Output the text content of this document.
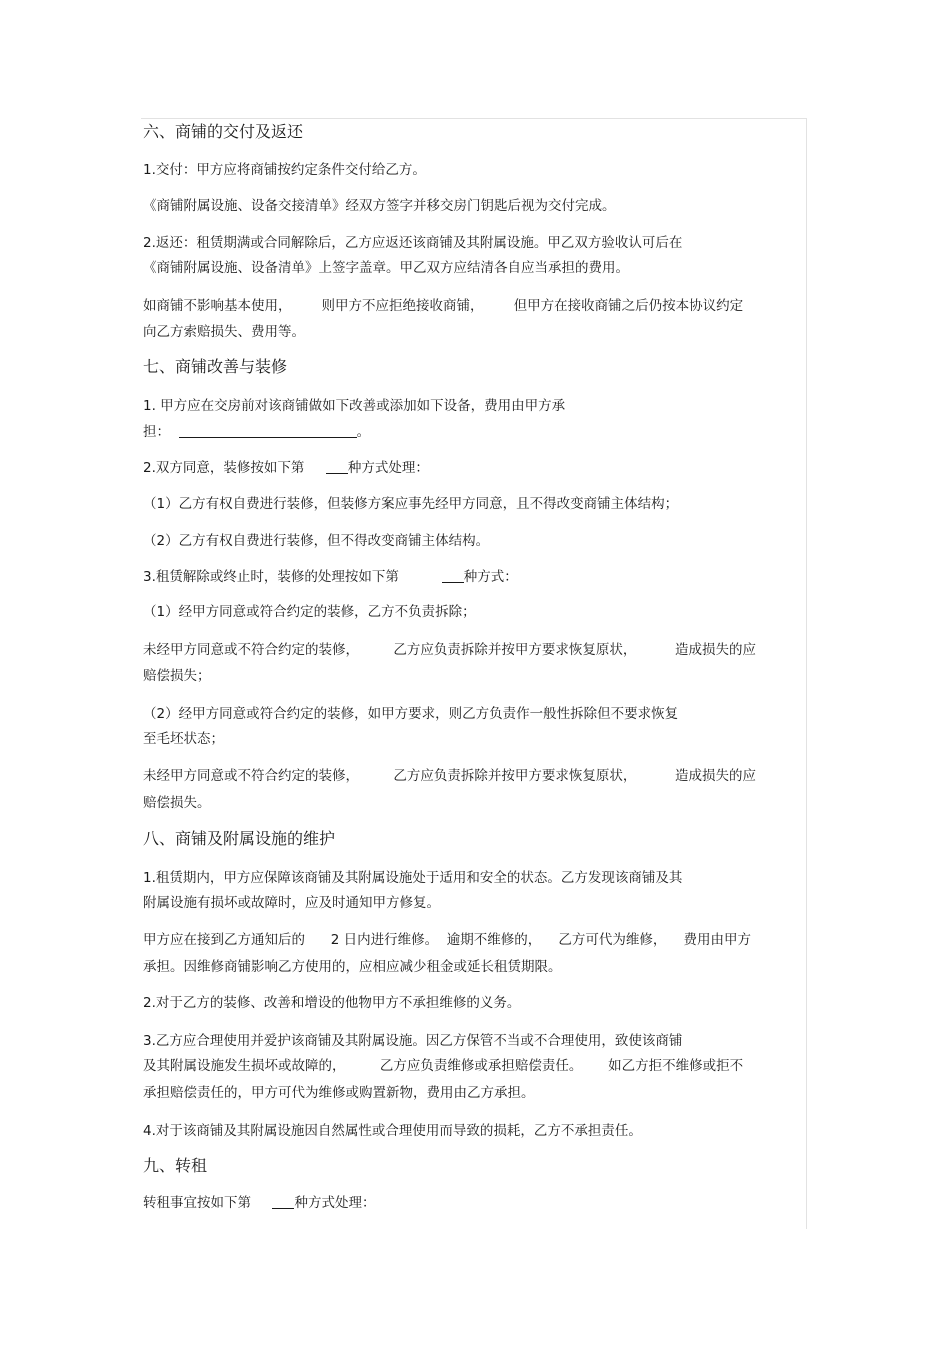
六、商铺的交付及返还
1.交付：甲方应将商铺按约定条件交付给乙方。
《商铺附属设施、设备交接清单》经双方签字并移交房门钥匙后视为交付完成。
2.返还：租赁期满或合同解除后，乙方应返还该商铺及其附属设施。甲乙双方验收认可后在
《商铺附属设施、设备清单》上签字盖章。甲乙双方应结清各自应当承担的费用。
如商铺不影响基本使用，       则甲方不应拒绝接收商铺，       但甲方在接收商铺之后仍按本协议约定
向乙方索赔损失、费用等。
七、商铺改善与装修
1. 甲方应在交房前对该商铺做如下改善或添加如下设备，费用由甲方承
担：	。
2.双方同意，装修按如下第     种方式处理：
（1）乙方有权自费进行装修，但装修方案应事先经甲方同意，且不得改变商铺主体结构；
（2）乙方有权自费进行装修，但不得改变商铺主体结构。
3.租赁解除或终止时，装修的处理按如下第          种方式：
（1）经甲方同意或符合约定的装修，乙方不负责拆除；
未经甲方同意或不符合约定的装修，        乙方应负责拆除并按甲方要求恢复原状，         造成损失的应
赔偿损失；
（2）经甲方同意或符合约定的装修，如甲方要求，则乙方负责作一般性拆除但不要求恢复
至毛坯状态；
未经甲方同意或不符合约定的装修，        乙方应负责拆除并按甲方要求恢复原状，         造成损失的应
赔偿损失。
八、商铺及附属设施的维护
1.租赁期内，甲方应保障该商铺及其附属设施处于适用和安全的状态。乙方发现该商铺及其
附属设施有损坏或故障时，应及时通知甲方修复。
甲方应在接到乙方通知后的      2 日内进行维修。  逾期不维修的，    乙方可代为维修，    费用由甲方
承担。因维修商铺影响乙方使用的，应相应减少租金或延长租赁期限。
2.对于乙方的装修、改善和增设的他物甲方不承担维修的义务。
3.乙方应合理使用并爱护该商铺及其附属设施。因乙方保管不当或不合理使用，致使该商铺
及其附属设施发生损坏或故障的，        乙方应负责维修或承担赔偿责任。      如乙方拒不维修或拒不
承担赔偿责任的，甲方可代为维修或购置新物，费用由乙方承担。
4.对于该商铺及其附属设施因自然属性或合理使用而导致的损耗，乙方不承担责任。
九、转租
转租事宜按如下第     种方式处理：
